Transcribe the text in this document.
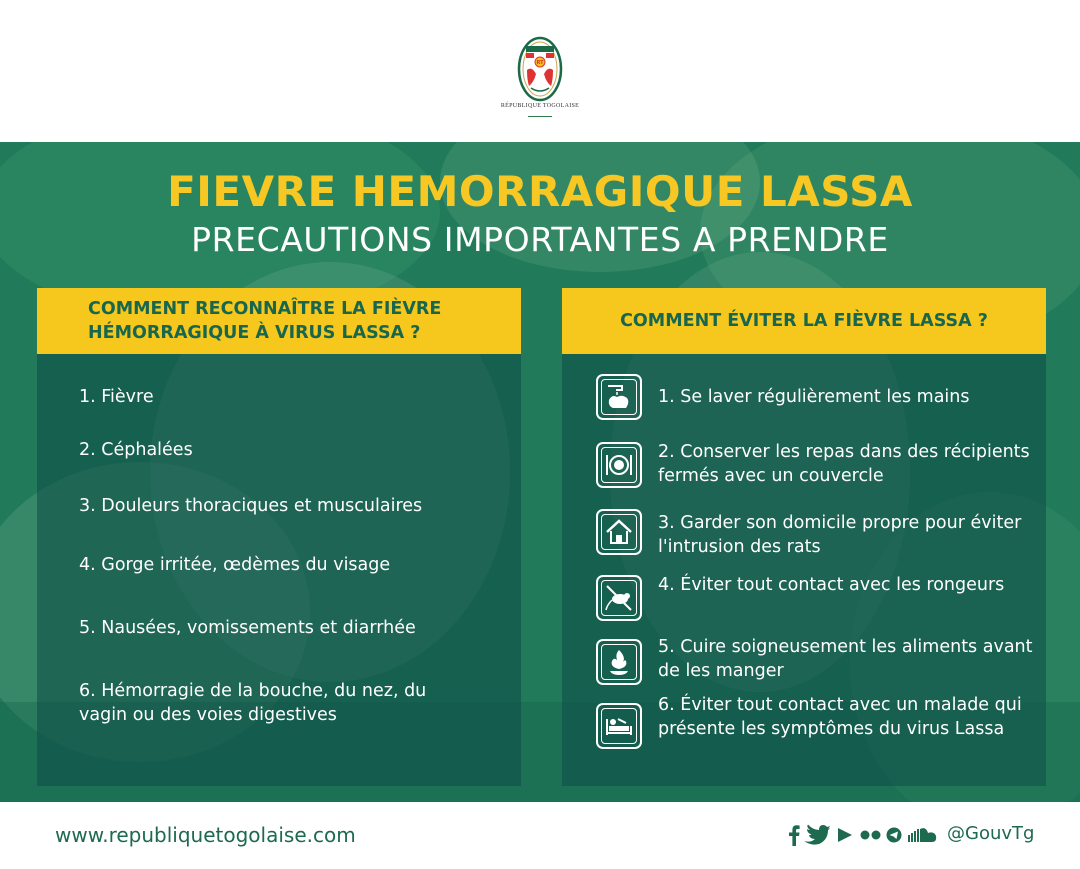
RT
RÉPUBLIQUE TOGOLAISE
FIEVRE HEMORRAGIQUE LASSA
PRECAUTIONS IMPORTANTES A PRENDRE
COMMENT RECONNAÎTRE LA FIÈVRE HÉMORRAGIQUE À VIRUS LASSA ?
COMMENT ÉVITER LA FIÈVRE LASSA ?
1. Fièvre
2. Céphalées
3. Douleurs thoraciques et musculaires
4. Gorge irritée, œdèmes du visage
5. Nausées, vomissements et diarrhée
6. Hémorragie de la bouche, du nez, du vagin ou des voies digestives
1. Se laver régulièrement les mains
2. Conserver les repas dans des récipients fermés avec un couvercle
3. Garder son domicile propre pour éviter l'intrusion des rats
4. Éviter tout contact avec les rongeurs
5. Cuire soigneusement les aliments avant de les manger
6. Éviter tout contact avec un malade qui présente les symptômes du virus Lassa
www.republiquetogolaise.com	@GouvTg
